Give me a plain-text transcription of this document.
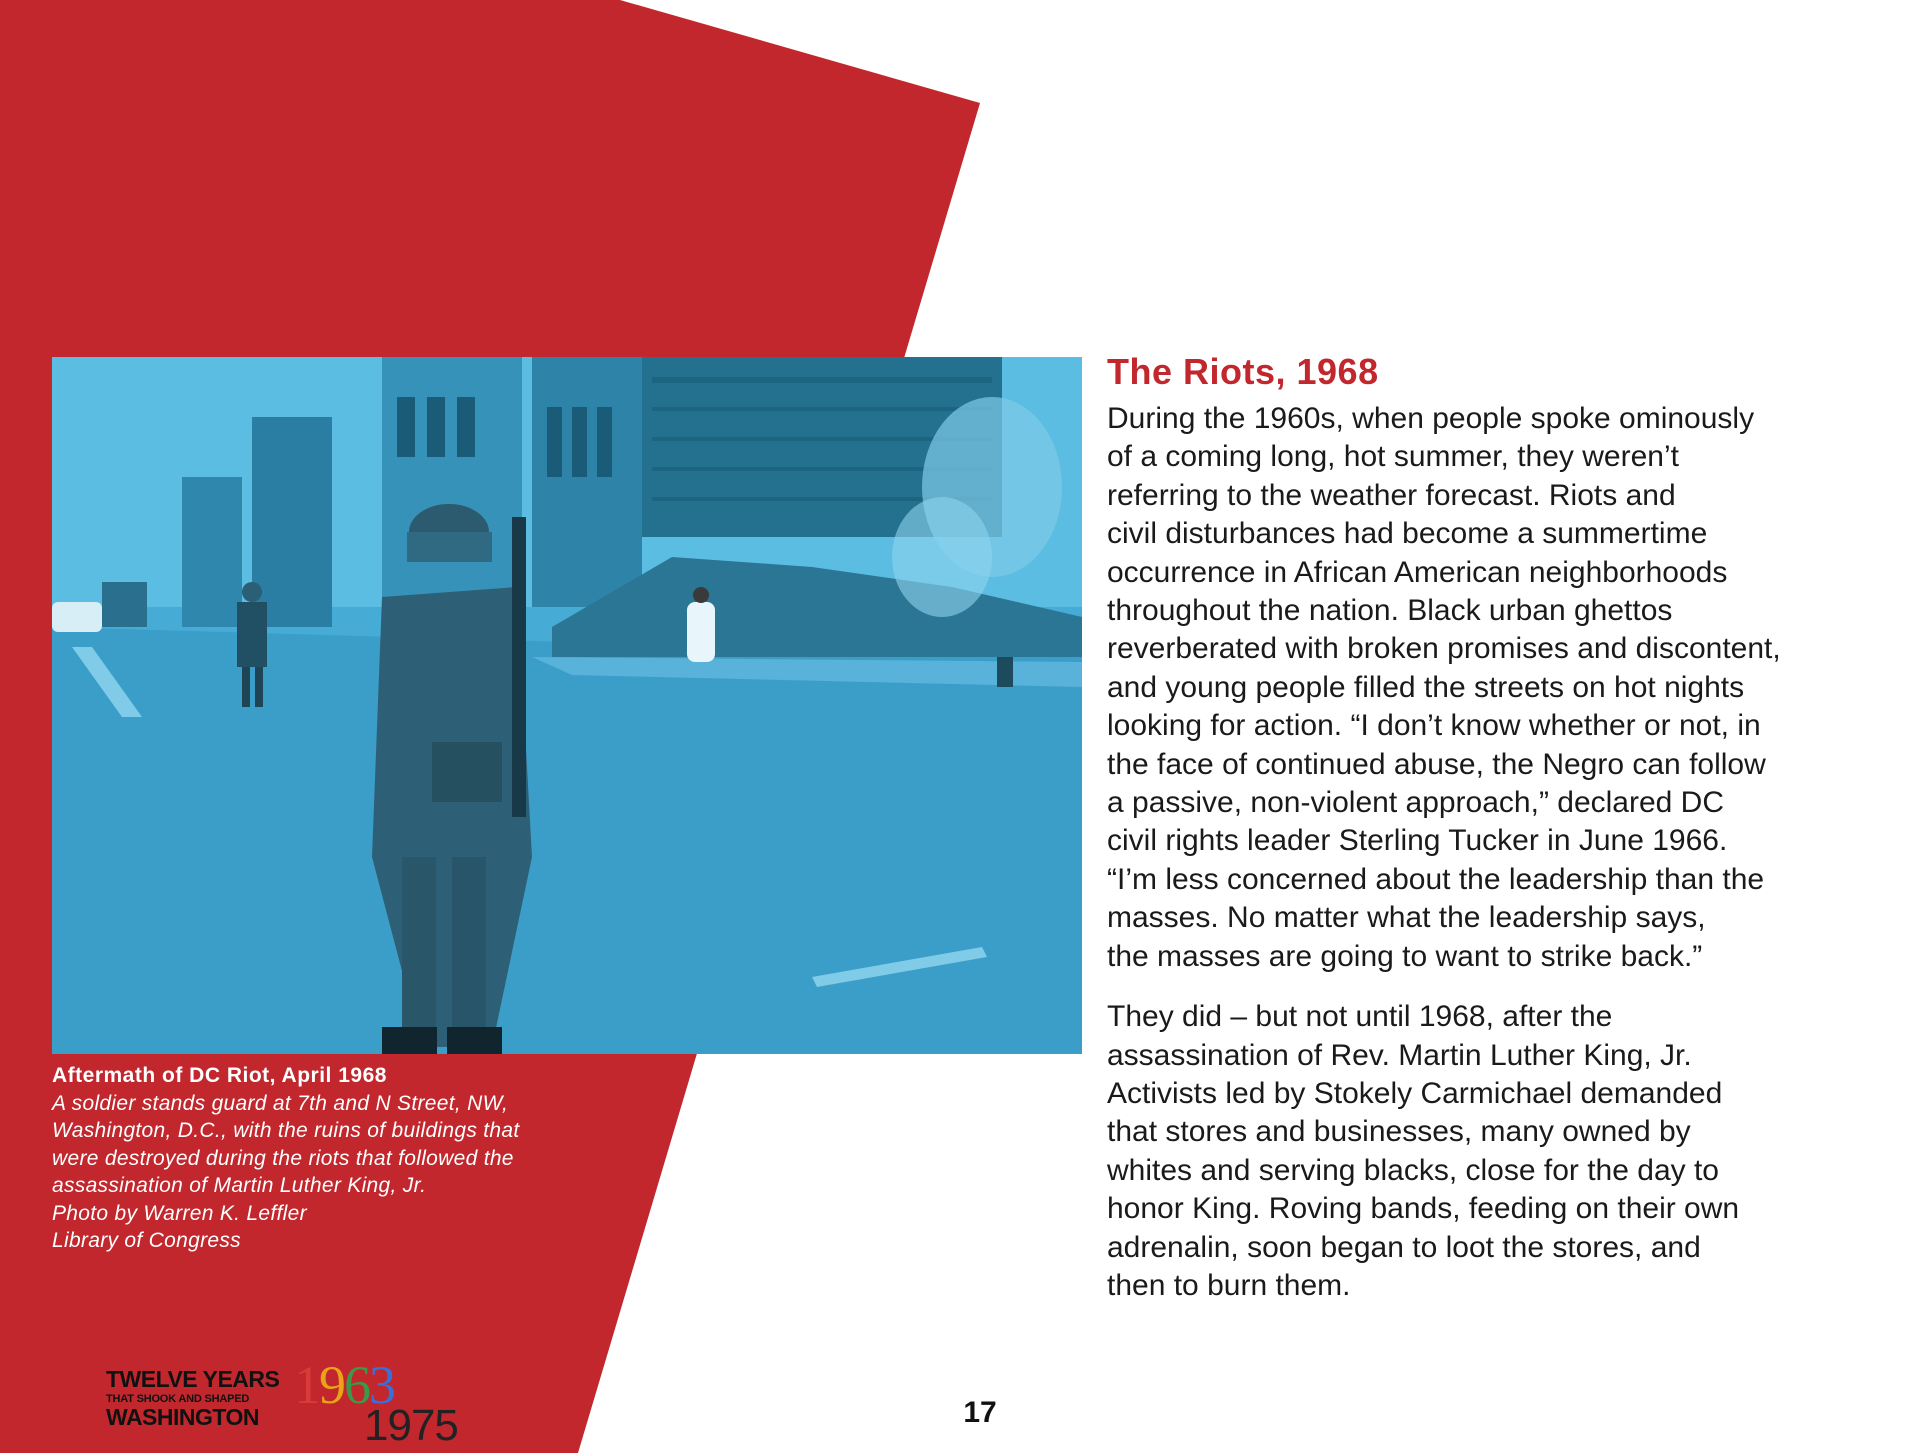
Aftermath of DC Riot, April 1968
A soldier stands guard at 7th and N Street, NW,
Washington, D.C., with the ruins of buildings that
were destroyed during the riots that followed the
assassination of Martin Luther King, Jr.
Photo by Warren K. Leffler
Library of Congress
The Riots, 1968

During the 1960s, when people spoke ominously
of a coming long, hot summer, they weren’t
referring to the weather forecast. Riots and
civil disturbances had become a summertime
occurrence in African American neighborhoods
throughout the nation. Black urban ghettos
reverberated with broken promises and discontent,
and young people filled the streets on hot nights
looking for action. “I don’t know whether or not, in
the face of continued abuse, the Negro can follow
a passive, non-violent approach,” declared DC
civil rights leader Sterling Tucker in June 1966.
“I’m less concerned about the leadership than the
masses. No matter what the leadership says,
the masses are going to want to strike back.”

They did – but not until 1968, after the
assassination of Rev. Martin Luther King, Jr.
Activists led by Stokely Carmichael demanded
that stores and businesses, many owned by
whites and serving blacks, close for the day to
honor King. Roving bands, feeding on their own
adrenalin, soon began to loot the stores, and
then to burn them.

TWELVE YEARS
THAT SHOOK AND SHAPED
WASHINGTON
1963
1975	17
